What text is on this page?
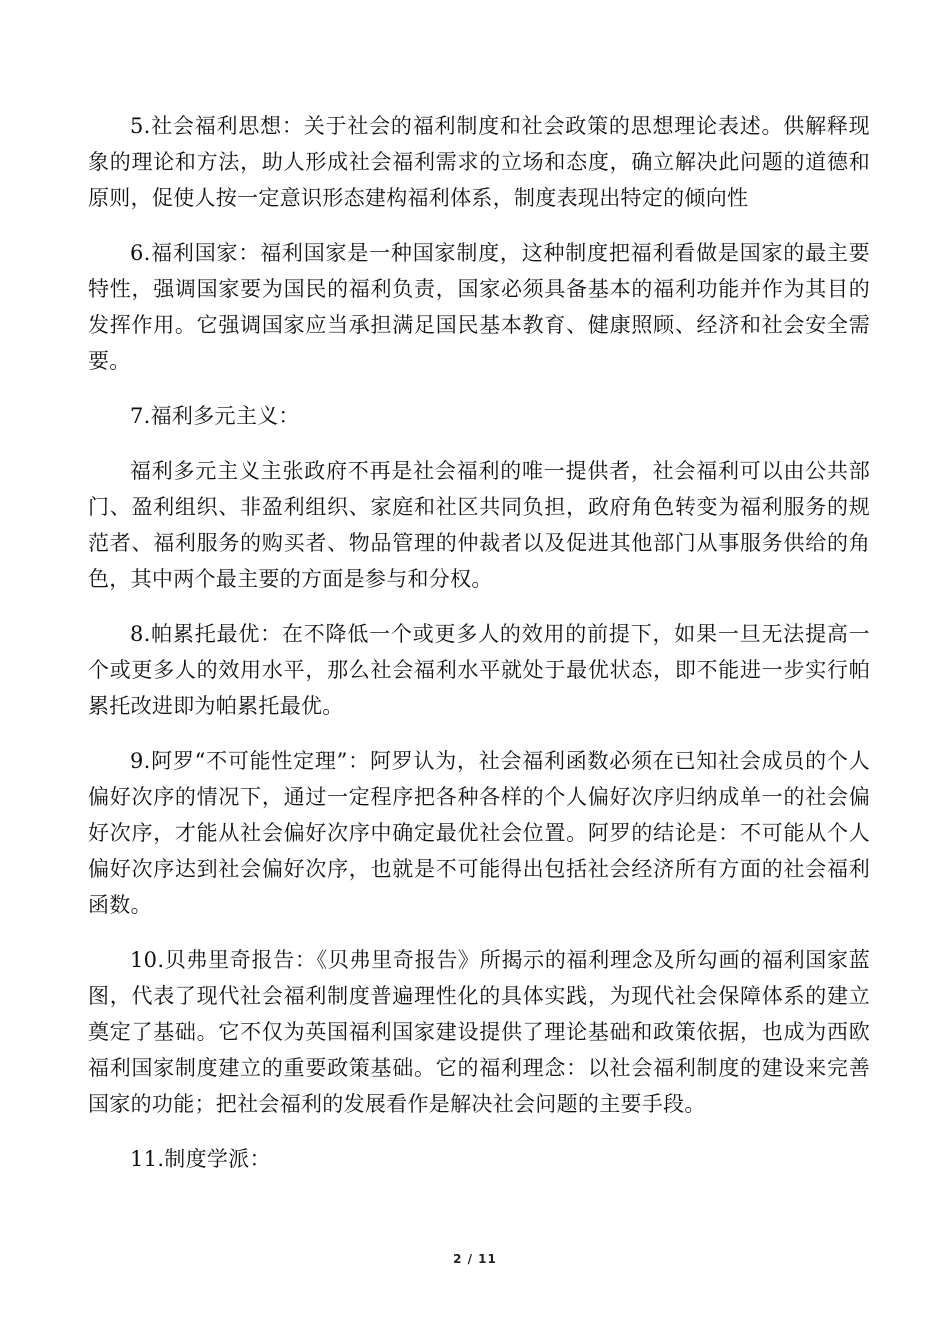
5.社会福利思想：关于社会的福利制度和社会政策的思想理论表述。供解释现象的理论和方法，助人形成社会福利需求的立场和态度，确立解决此问题的道德和原则，促使人按一定意识形态建构福利体系，制度表现出特定的倾向性

6.福利国家：福利国家是一种国家制度，这种制度把福利看做是国家的最主要特性，强调国家要为国民的福利负责，国家必须具备基本的福利功能并作为其目的发挥作用。它强调国家应当承担满足国民基本教育、健康照顾、经济和社会安全需要。

7.福利多元主义：

福利多元主义主张政府不再是社会福利的唯一提供者，社会福利可以由公共部门、盈利组织、非盈利组织、家庭和社区共同负担，政府角色转变为福利服务的规范者、福利服务的购买者、物品管理的仲裁者以及促进其他部门从事服务供给的角色，其中两个最主要的方面是参与和分权。

8.帕累托最优：在不降低一个或更多人的效用的前提下，如果一旦无法提高一个或更多人的效用水平，那么社会福利水平就处于最优状态，即不能进一步实行帕累托改进即为帕累托最优。

9.阿罗“不可能性定理”：阿罗认为，社会福利函数必须在已知社会成员的个人偏好次序的情况下，通过一定程序把各种各样的个人偏好次序归纳成单一的社会偏好次序，才能从社会偏好次序中确定最优社会位置。阿罗的结论是：不可能从个人偏好次序达到社会偏好次序，也就是不可能得出包括社会经济所有方面的社会福利函数。

10.贝弗里奇报告：《贝弗里奇报告》所揭示的福利理念及所勾画的福利国家蓝图，代表了现代社会福利制度普遍理性化的具体实践，为现代社会保障体系的建立奠定了基础。它不仅为英国福利国家建设提供了理论基础和政策依据，也成为西欧福利国家制度建立的重要政策基础。它的福利理念：以社会福利制度的建设来完善国家的功能；把社会福利的发展看作是解决社会问题的主要手段。

11.制度学派：

2 / 11
